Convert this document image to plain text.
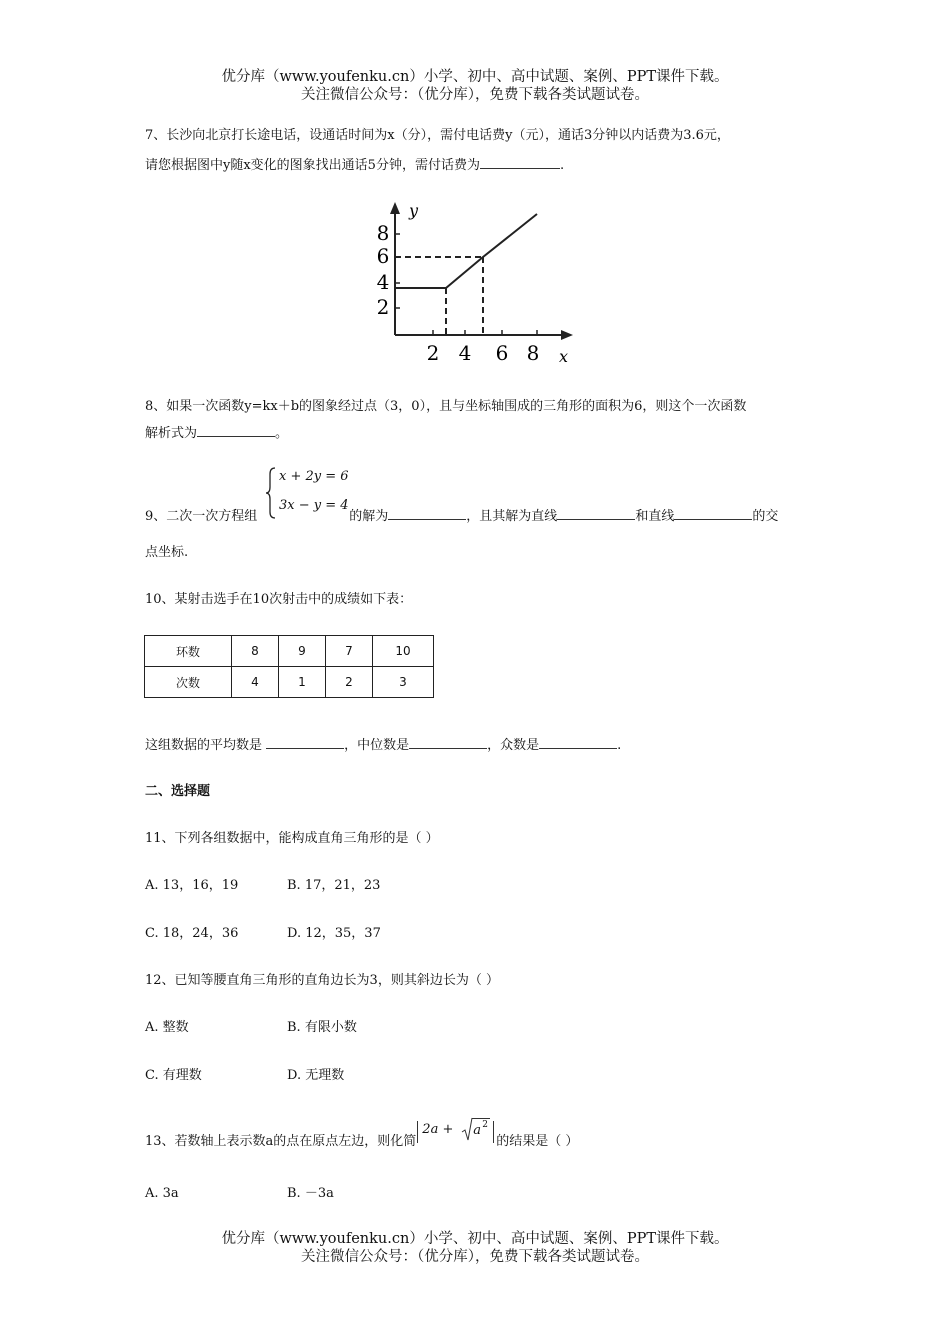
优分库（www.youfenku.cn）小学、初中、高中试题、案例、PPT课件下载。
关注微信公众号：（优分库），免费下载各类试题试卷。
7、长沙向北京打长途电话，设通话时间为x（分），需付电话费y（元），通话3分钟以内话费为3.6元，
请您根据图中y随x变化的图象找出通话5分钟，需付话费为	.
8
6
4
2
2 4 6 8
y
x
8、如果一次函数y=kx＋b的图象经过点（3，0），且与坐标轴围成的三角形的面积为6，则这个一次函数
解析式为	。
x + 2y = 6
3x − y = 4
9、二次一次方程组	的解为	，且其解为直线	和直线	的交
点坐标.
10、某射击选手在10次射击中的成绩如下表：
环数	8	9	7	10
次数	4	1	2	3
这组数据的平均数是	，中位数是	，众数是	.
二、选择题
11、下列各组数据中，能构成直角三角形的是（ ）
A. 13，16，19	B. 17，21，23
C. 18，24，36	D. 12，35，37
12、已知等腰直角三角形的直角边长为3，则其斜边长为（ ）
A. 整数	B. 有限小数
C. 有理数	D. 无理数
13、若数轴上表示数a的点在原点左边，则化简
2a + a 2
的结果是（ ）
A. 3a	B. －3a
优分库（www.youfenku.cn）小学、初中、高中试题、案例、PPT课件下载。
关注微信公众号：（优分库），免费下载各类试题试卷。
